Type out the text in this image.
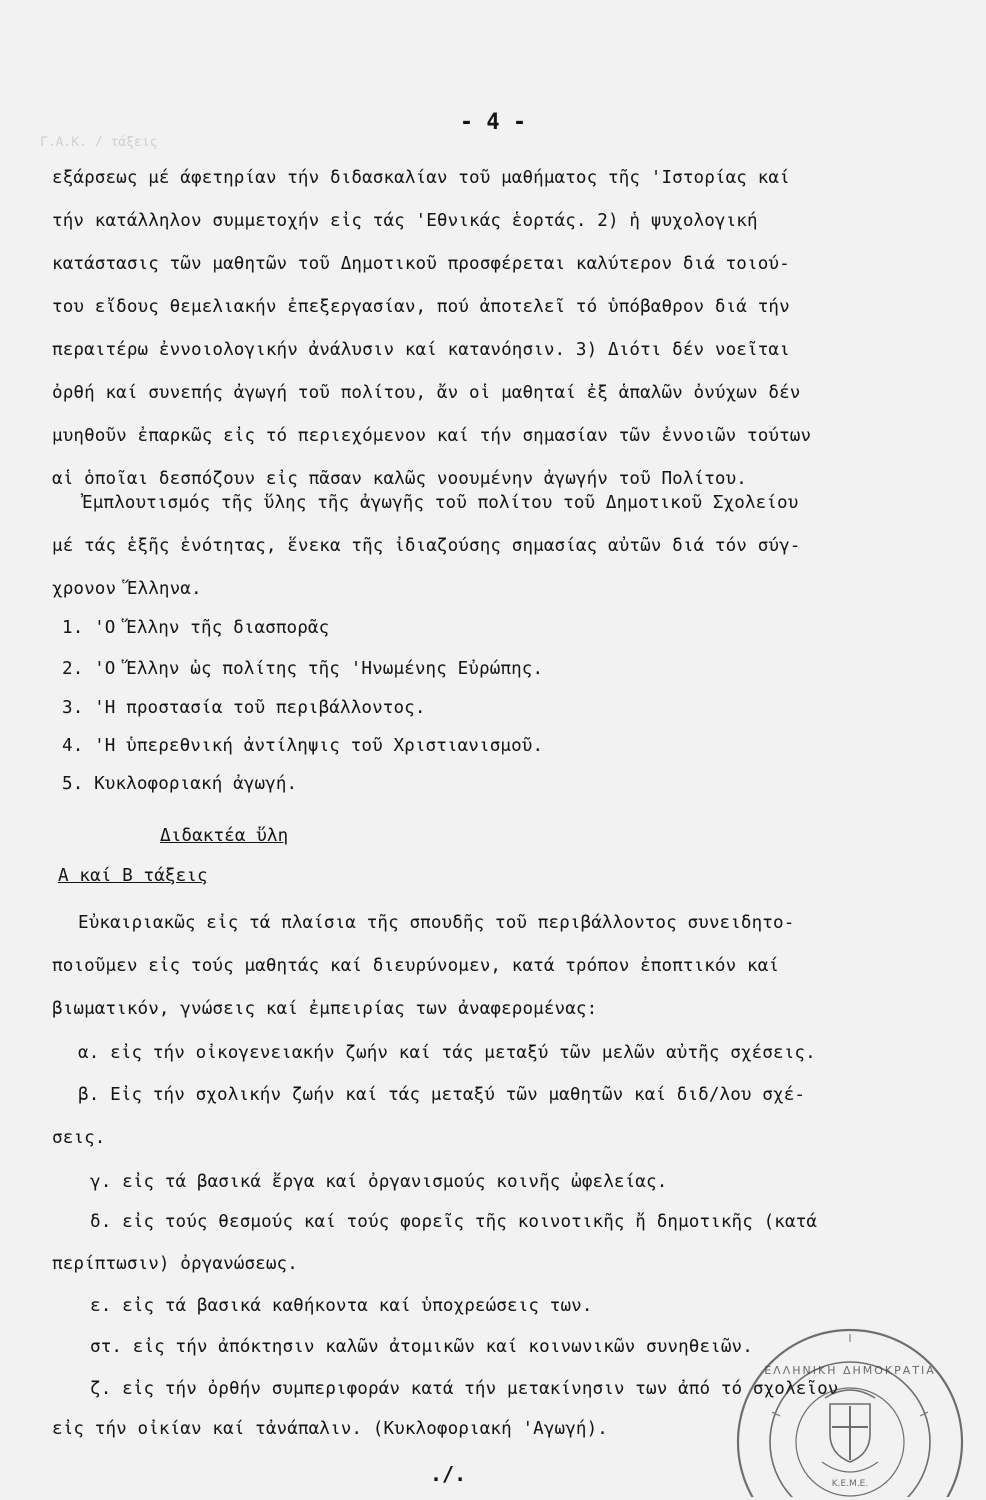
Γ.Α.Κ. / τάξεις
- 4 -
εξάρσεως μέ άφετηρίαν τήν διδασκαλίαν τοῦ μαθήματος τῆς 'Ιστορίας καί
τήν κατάλληλον συμμετοχήν εἰς τάς 'Εθνικάς ἑορτάς. 2) ἡ ψυχολογική
κατάστασις τῶν μαθητῶν τοῦ Δημοτικοῦ προσφέρεται καλύτερον διά τοιού-
του εἴδους θεμελιακήν ἐπεξεργασίαν, πού ἀποτελεῖ τό ὑπόβαθρον διά τήν
περαιτέρω ἐννοιολογικήν ἀνάλυσιν καί κατανόησιν. 3) Διότι δέν νοεῖται
ὀρθή καί συνεπής ἀγωγή τοῦ πολίτου, ἄν οἱ μαθηταί ἐξ ἁπαλῶν ὀνύχων δέν
μυηθοῦν ἐπαρκῶς εἰς τό περιεχόμενον καί τήν σημασίαν τῶν ἐννοιῶν τούτων
αἱ ὁποῖαι δεσπόζουν εἰς πᾶσαν καλῶς νοουμένην ἀγωγήν τοῦ Πολίτου.
Ἐμπλουτισμός τῆς ὕλης τῆς ἀγωγῆς τοῦ πολίτου τοῦ Δημοτικοῦ Σχολείου
μέ τάς ἑξῆς ἑνότητας, ἕνεκα τῆς ἰδιαζούσης σημασίας αὐτῶν διά τόν σύγ-
χρονον Ἕλληνα.
1. 'Ο Ἕλλην τῆς διασπορᾶς
2. 'Ο Ἕλλην ὡς πολίτης τῆς 'Ηνωμένης Εὐρώπης.
3. 'Η προστασία τοῦ περιβάλλοντος.
4. 'Η ὑπερεθνική ἀντίληψις τοῦ Χριστιανισμοῦ.
5. Κυκλοφοριακή ἀγωγή.
Διδακτέα ὕλη
Α καί Β τάξεις
Εὐκαιριακῶς εἰς τά πλαίσια τῆς σπουδῆς τοῦ περιβάλλοντος συνειδητο-
ποιοῦμεν εἰς τούς μαθητάς καί διευρύνομεν, κατά τρόπον ἐποπτικόν καί
βιωματικόν, γνώσεις καί ἐμπειρίας των ἀναφερομένας:
α. εἰς τήν οἰκογενειακήν ζωήν καί τάς μεταξύ τῶν μελῶν αὐτῆς σχέσεις.
β. Εἰς τήν σχολικήν ζωήν καί τάς μεταξύ τῶν μαθητῶν καί διδ/λου σχέ-
σεις.
γ. εἰς τά βασικά ἔργα καί ὀργανισμούς κοινῆς ὠφελείας.
δ. εἰς τούς θεσμούς καί τούς φορεῖς τῆς κοινοτικῆς ἤ δημοτικῆς (κατά
περίπτωσιν) ὀργανώσεως.
ε. εἰς τά βασικά καθήκοντα καί ὑποχρεώσεις των.
στ. εἰς τήν ἀπόκτησιν καλῶν ἀτομικῶν καί κοινωνικῶν συνηθειῶν.
ζ. εἰς τήν ὀρθήν συμπεριφοράν κατά τήν μετακίνησιν των ἀπό τό σχολεῖον
εἰς τήν οἰκίαν καί τἀνάπαλιν. (Κυκλοφοριακή 'Αγωγή).
./.
ΕΛΛΗΝΙΚΗ ΔΗΜΟΚΡΑΤΙΑ
Κ.Ε.Μ.Ε.
